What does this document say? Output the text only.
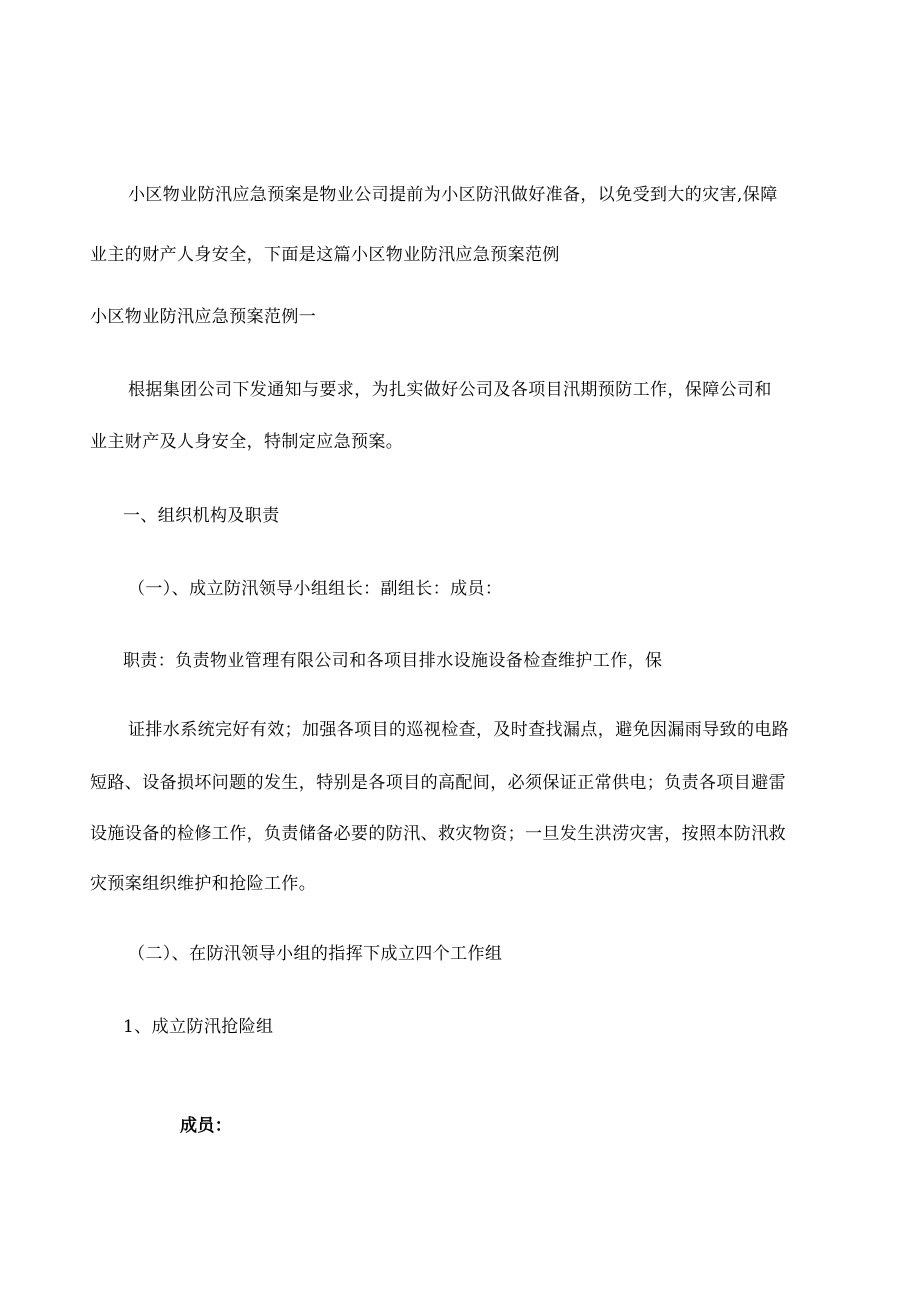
小区物业防汛应急预案是物业公司提前为小区防汛做好准备，以免受到大的灾害,保障
业主的财产人身安全，下面是这篇小区物业防汛应急预案范例
小区物业防汛应急预案范例一
根据集团公司下发通知与要求，为扎实做好公司及各项目汛期预防工作，保障公司和
业主财产及人身安全，特制定应急预案。
一、组织机构及职责
（一）、成立防汛领导小组组长：副组长：成员：
职责：负责物业管理有限公司和各项目排水设施设备检查维护工作，保
证排水系统完好有效；加强各项目的巡视检查，及时查找漏点，避免因漏雨导致的电路
短路、设备损坏问题的发生，特别是各项目的高配间，必须保证正常供电；负责各项目避雷
设施设备的检修工作，负责储备必要的防汛、救灾物资；一旦发生洪涝灾害，按照本防汛救
灾预案组织维护和抢险工作。
（二）、在防汛领导小组的指挥下成立四个工作组
1、成立防汛抢险组
成员：
